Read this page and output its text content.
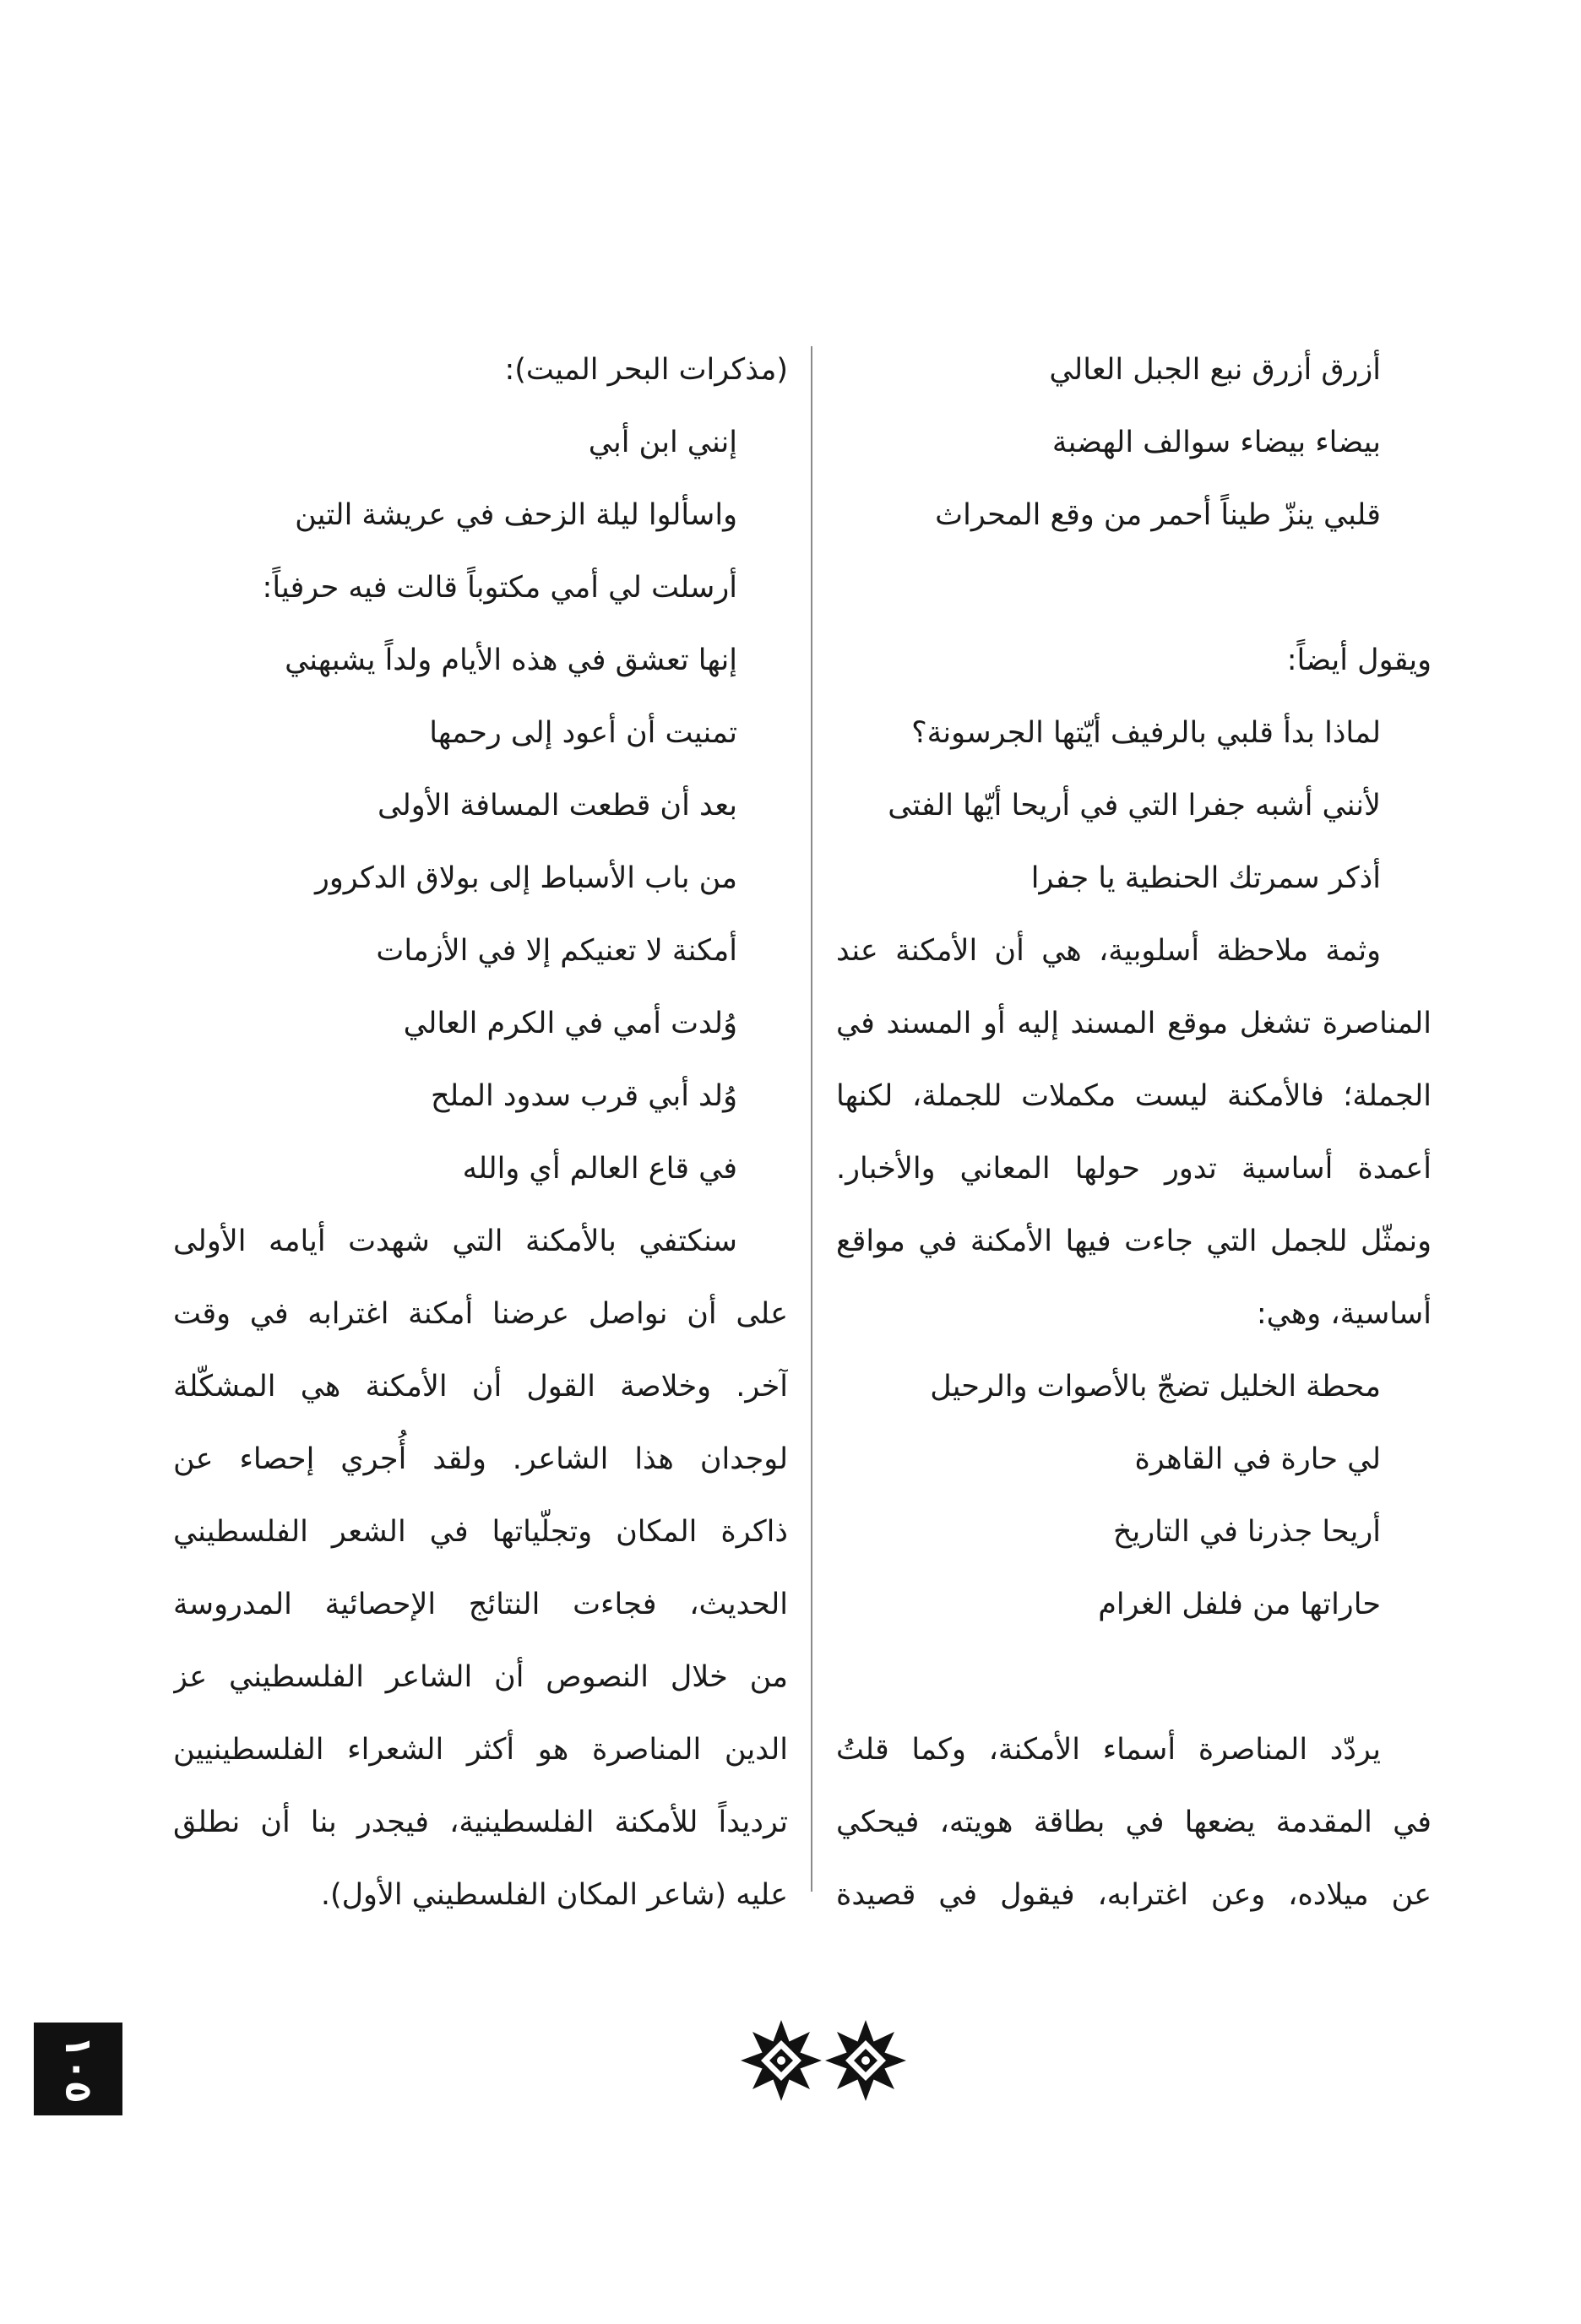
أزرق أزرق نبع الجبل العالي
بيضاء بيضاء سوالف الهضبة
قلبي ينزّ طيناً أحمر من وقع المحراث
ويقول أيضاً:
لماذا بدأ قلبي بالرفيف أيّتها الجرسونة؟
لأنني أشبه جفرا التي في أريحا أيّها الفتى
أذكر سمرتك الحنطية يا جفرا
وثمة ملاحظة أسلوبية، هي أن الأمكنة عند
المناصرة تشغل موقع المسند إليه أو المسند في
الجملة؛ فالأمكنة ليست مكملات للجملة، لكنها
أعمدة أساسية تدور حولها المعاني والأخبار.
ونمثّل للجمل التي جاءت فيها الأمكنة في مواقع
أساسية، وهي:
محطة الخليل تضجّ بالأصوات والرحيل
لي حارة في القاهرة
أريحا جذرنا في التاريخ
حاراتها من فلفل الغرام
يردّد المناصرة أسماء الأمكنة، وكما قلتُ
في المقدمة يضعها في بطاقة هويته، فيحكي
عن ميلاده، وعن اغترابه، فيقول في قصيدة
(مذكرات البحر الميت):
إنني ابن أبي
واسألوا ليلة الزحف في عريشة التين
أرسلت لي أمي مكتوباً قالت فيه حرفياً:
إنها تعشق في هذه الأيام ولداً يشبهني
تمنيت أن أعود إلى رحمها
بعد أن قطعت المسافة الأولى
من باب الأسباط إلى بولاق الدكرور
أمكنة لا تعنيكم إلا في الأزمات
وُلدت أمي في الكرم العالي
وُلد أبي قرب سدود الملح
في قاع العالم أي والله
سنكتفي بالأمكنة التي شهدت أيامه الأولى
على أن نواصل عرضنا أمكنة اغترابه في وقت
آخر. وخلاصة القول أن الأمكنة هي المشكّلة
لوجدان هذا الشاعر. ولقد أُجري إحصاء عن
ذاكرة المكان وتجلّياتها في الشعر الفلسطيني
الحديث، فجاءت النتائج الإحصائية المدروسة
من خلال النصوص أن الشاعر الفلسطيني عز
الدين المناصرة هو أكثر الشعراء الفلسطينيين
ترديداً للأمكنة الفلسطينية، فيجدر بنا أن نطلق
عليه (شاعر المكان الفلسطيني الأول).
١٠٥
